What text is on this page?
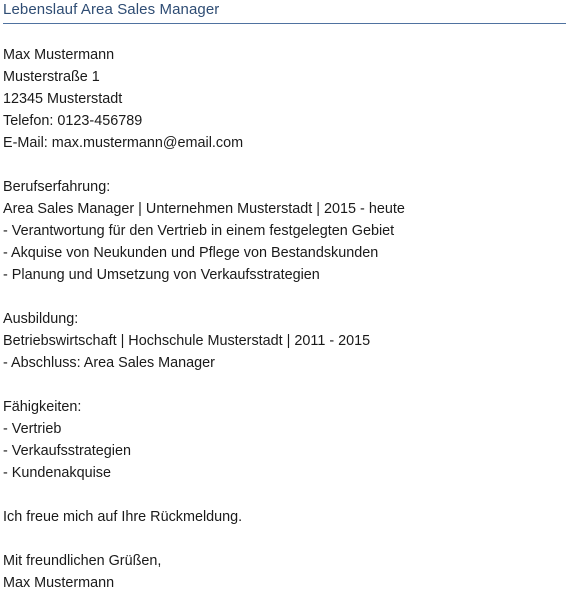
Lebenslauf Area Sales Manager
Max Mustermann
Musterstraße 1
12345 Musterstadt
Telefon: 0123-456789
E-Mail: max.mustermann@email.com
Berufserfahrung:
Area Sales Manager | Unternehmen Musterstadt | 2015 - heute
- Verantwortung für den Vertrieb in einem festgelegten Gebiet
- Akquise von Neukunden und Pflege von Bestandskunden
- Planung und Umsetzung von Verkaufsstrategien
Ausbildung:
Betriebswirtschaft | Hochschule Musterstadt | 2011 - 2015
- Abschluss: Area Sales Manager
Fähigkeiten:
- Vertrieb
- Verkaufsstrategien
- Kundenakquise
Ich freue mich auf Ihre Rückmeldung.
Mit freundlichen Grüßen,
Max Mustermann
